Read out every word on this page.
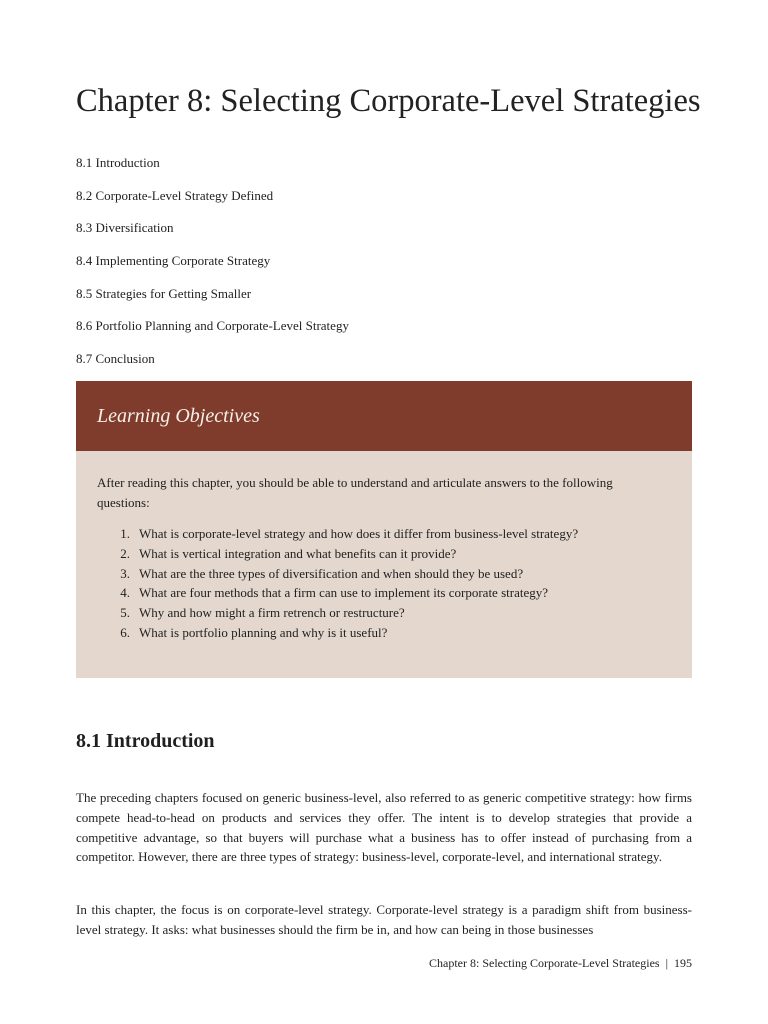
Chapter 8: Selecting Corporate-Level Strategies
8.1 Introduction
8.2 Corporate-Level Strategy Defined
8.3 Diversification
8.4 Implementing Corporate Strategy
8.5 Strategies for Getting Smaller
8.6 Portfolio Planning and Corporate-Level Strategy
8.7 Conclusion
Learning Objectives

After reading this chapter, you should be able to understand and articulate answers to the following questions:

1. What is corporate-level strategy and how does it differ from business-level strategy?
2. What is vertical integration and what benefits can it provide?
3. What are the three types of diversification and when should they be used?
4. What are four methods that a firm can use to implement its corporate strategy?
5. Why and how might a firm retrench or restructure?
6. What is portfolio planning and why is it useful?
8.1 Introduction

The preceding chapters focused on generic business-level, also referred to as generic competitive strategy: how firms compete head-to-head on products and services they offer. The intent is to develop strategies that provide a competitive advantage, so that buyers will purchase what a business has to offer instead of purchasing from a competitor. However, there are three types of strategy: business-level, corporate-level, and international strategy.

In this chapter, the focus is on corporate-level strategy. Corporate-level strategy is a paradigm shift from business-level strategy. It asks: what businesses should the firm be in, and how can being in those businesses

Chapter 8: Selecting Corporate-Level Strategies | 195
